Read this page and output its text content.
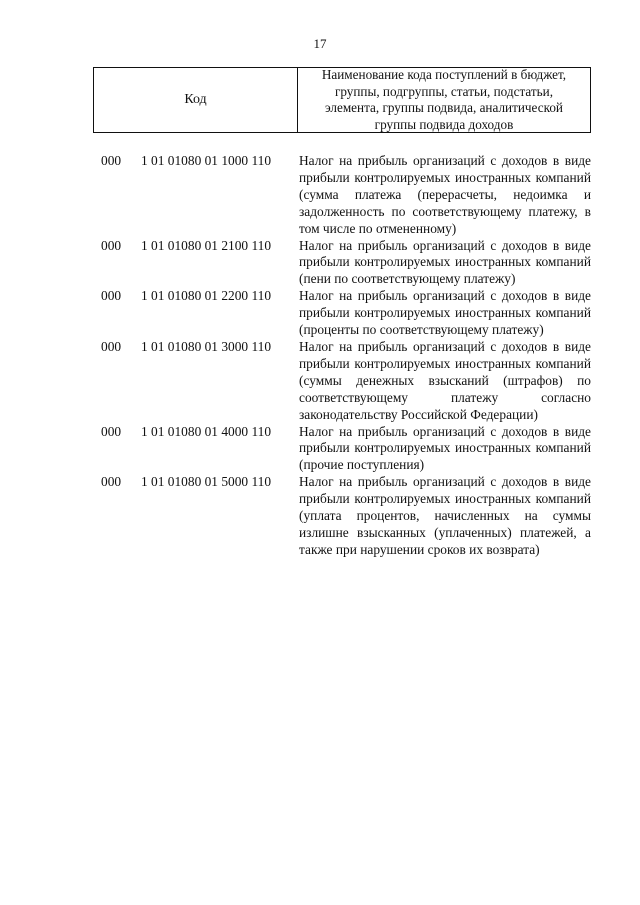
17
Код
Наименование кода поступлений в бюджет,
группы, подгруппы, статьи, подстатьи,
элемента, группы подвида, аналитической
группы подвида доходов
000	1 01 01080 01 1000 110	Налог на прибыль организаций с доходов в виде прибыли контролируемых иностранных компаний (сумма платежа (перерасчеты, недоимка и задолженность по соответствующему платежу, в том числе по отмененному)
000	1 01 01080 01 2100 110	Налог на прибыль организаций с доходов в виде прибыли контролируемых иностранных компаний (пени по соответствующему платежу)
000	1 01 01080 01 2200 110	Налог на прибыль организаций с доходов в виде прибыли контролируемых иностранных компаний (проценты по соответствующему платежу)
000	1 01 01080 01 3000 110	Налог на прибыль организаций с доходов в виде прибыли контролируемых иностранных компаний (суммы денежных взысканий (штрафов) по соответствующему платежу согласно законодательству Российской Федерации)
000	1 01 01080 01 4000 110	Налог на прибыль организаций с доходов в виде прибыли контролируемых иностранных компаний (прочие поступления)
000	1 01 01080 01 5000 110	Налог на прибыль организаций с доходов в виде прибыли контролируемых иностранных компаний (уплата процентов, начисленных на суммы излишне взысканных (уплаченных) платежей, а также при нарушении сроков их возврата)
